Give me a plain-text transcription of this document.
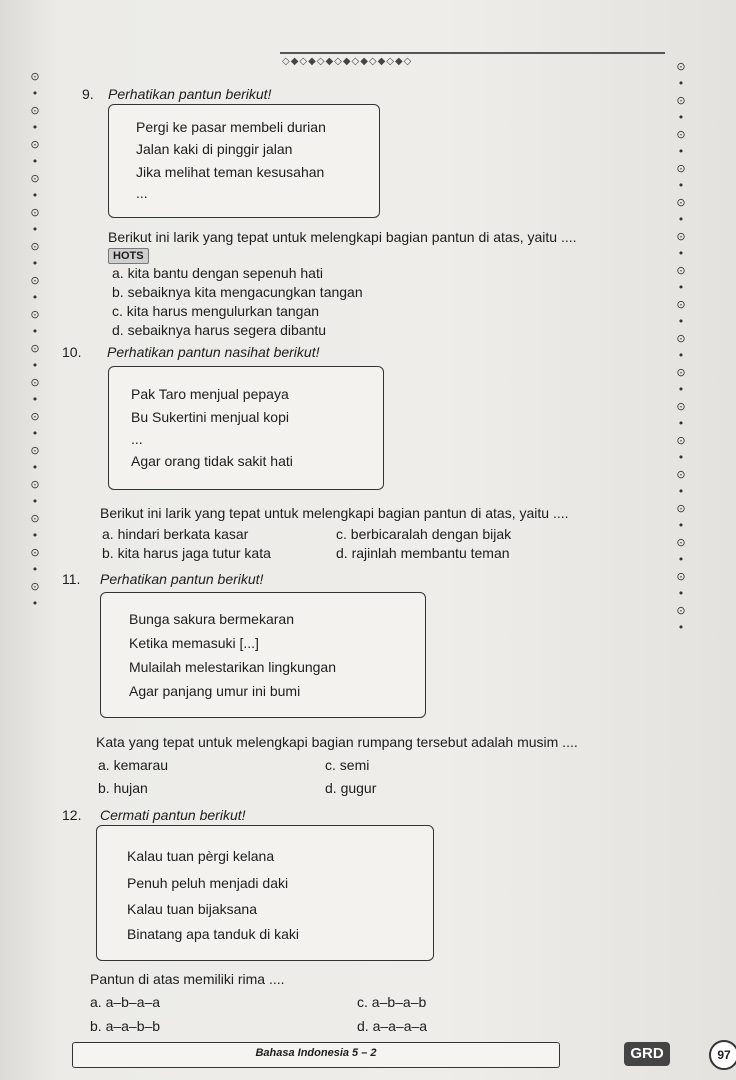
◇◆◇◆◇◆◇◆◇◆◇◆◇◆◇
⊙
•
⊙
•
⊙
•
⊙
•
⊙
•
⊙
•
⊙
•
⊙
•
⊙
•
⊙
•
⊙
•
⊙
•
⊙
•
⊙
•
⊙
•
⊙
•
⊙
•
⊙
•
⊙
•
⊙
•
⊙
•
⊙
•
⊙
•
⊙
•
⊙
•
⊙
•
⊙
•
⊙
•
⊙
•
⊙
•
⊙
•
⊙
•
⊙
•
9. Perhatikan pantun berikut!
Pergi ke pasar membeli durian
Jalan kaki di pinggir jalan
Jika melihat teman kesusahan
...
Berikut ini larik yang tepat untuk melengkapi bagian pantun di atas, yaitu ....
HOTS
a. kita bantu dengan sepenuh hati
b. sebaiknya kita mengacungkan tangan
c. kita harus mengulurkan tangan
d. sebaiknya harus segera dibantu
10. Perhatikan pantun nasihat berikut!
Pak Taro menjual pepaya
Bu Sukertini menjual kopi
...
Agar orang tidak sakit hati
Berikut ini larik yang tepat untuk melengkapi bagian pantun di atas, yaitu ....
a. hindari berkata kasar
b. kita harus jaga tutur kata
c. berbicaralah dengan bijak
d. rajinlah membantu teman
11. Perhatikan pantun berikut!
Bunga sakura bermekaran
Ketika memasuki [...]
Mulailah melestarikan lingkungan
Agar panjang umur ini bumi
Kata yang tepat untuk melengkapi bagian rumpang tersebut adalah musim ....
a. kemarau
b. hujan
c. semi
d. gugur
12. Cermati pantun berikut!
Kalau tuan pèrgi kelana
Penuh peluh menjadi daki
Kalau tuan bijaksana
Binatang apa tanduk di kaki
Pantun di atas memiliki rima ....
a. a–b–a–a
b. a–a–b–b
c. a–b–a–b
d. a–a–a–a
Bahasa Indonesia 5 – 2	GRD	97
